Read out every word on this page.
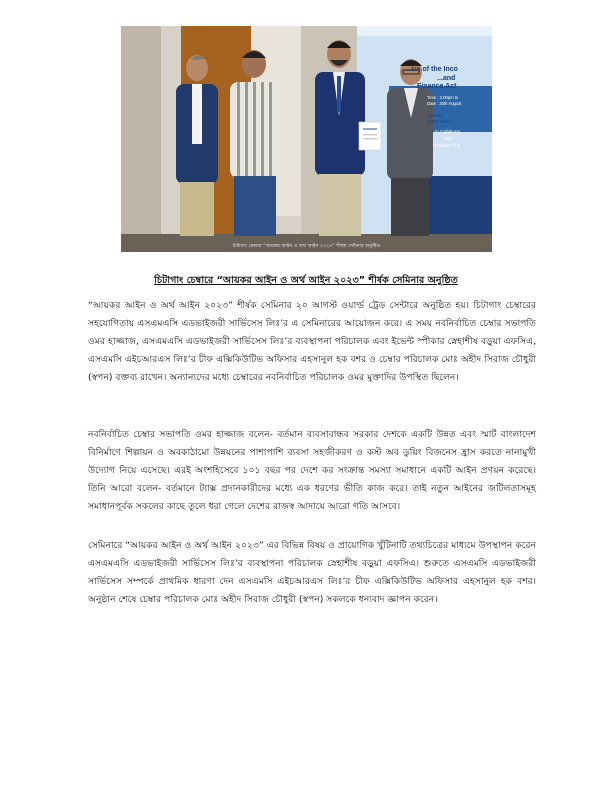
...sis of the Inco
...and
Finance Act
Time : 3.00pm to
Date : 20th August
VENUE
World Trade C
In Collaborat
With
Chamber of C
চিটাগাং চেম্বারে “আয়কর আইন ও অর্থ আইন ২০২৩” শীর্ষক সেমিনার অনুষ্ঠিত
চিটাগাং চেম্বারে “আয়কর আইন ও অর্থ আইন ২০২৩” শীর্ষক সেমিনার অনুষ্ঠিত

“আয়কর আইন ও অর্থ আইন ২০২৩” শীর্ষক সেমিনার ২০ আগস্ট ওয়ার্ল্ড ট্রেড সেন্টারে অনুষ্ঠিত হয়। চিটাগাং চেম্বারের সহযোগিতায় এসএমএসি এডভাইজরী সার্ভিসেস লিঃ’র এ সেমিনারের আয়োজন করে। এ সময় নবনির্বাচিত চেম্বার সভাপতি ওমর হাজ্জাজ, এসএমএসি এডভাইজরী সার্ভিসেস লিঃ’র ব্যবস্থাপনা পরিচালক এবং ইভেন্ট স্পীকার স্নেহাশীষ বড়ুয়া এফসিএ, এসএমসি এইচআরএস লিঃ’র চীফ এক্সিকিউটিভ অফিসার এহসানুল হক বশর ও চেম্বার পরিচালক মোঃ অহীদ সিরাজ চৌধুরী (স্বপন) বক্তব্য রাখেন। অন্যান্যদের মধ্যে চেম্বারের নবনির্বাচিত পরিচালক ওমর মুক্তাদির উপস্থিত ছিলেন।

নবনির্বাচিত চেম্বার সভাপতি ওমর হাজ্জাজ বলেন- বর্তমান ব্যবসাবান্ধব সরকার দেশকে একটি উন্নত এবং স্মার্ট বাংলাদেশ বিনির্মাণে শিল্পায়ন ও অবকাঠামো উন্নয়নের পাশাপাশি ব্যবসা সহজীকরণ ও কস্ট অব ডুয়িং বিজনেস হ্রাস করতে নানামুখী উদ্যোগ নিয়ে এসেছে। এরই অংশহিসেবে ১০১ বছর পর দেশে কর সংক্রান্ত সমস্যা সমাধানে একটি আইন প্রণয়ন করেছে। তিনি আরো বলেন- বর্তমানে ট্যাক্স প্রদানকারীদের মধ্যে এক ধরণের ভীতি কাজ করে। তাই নতুন আইনের জটিলতাসমূহ সমাধানপূর্বক সকলের কাছে তুলে ধরা গেলে দেশের রাজস্ব আদায়ে আরো গতি আসবে।

সেমিনারে “আয়কর আইন ও অর্থ আইন ২০২৩” এর বিভিন্ন বিষয় ও প্রায়োগিক খুঁটিনাটি তথ্যচিত্রের মাধ্যমে উপস্থাপন করেন এসএমএসি এডভাইজরী সার্ভিসেস লিঃ’র ব্যবস্থাপনা পরিচালক স্নেহাশীষ বড়ুয়া এফসিএ। শুরুতে এসএমসি এডভাইজরী সার্ভিসেস সম্পর্কে প্রাথমিক ধারণা দেন এসএমসি এইচআরএস লিঃ’র চীফ এক্সিকিউটিভ অফিসার এহসানুল হক বশর। অনুষ্ঠান শেষে চেম্বার পরিচালক মোঃ অহীদ সিরাজ চৌধুরী (স্বপন) সকলকে ধন্যবাদ জ্ঞাপন করেন।
